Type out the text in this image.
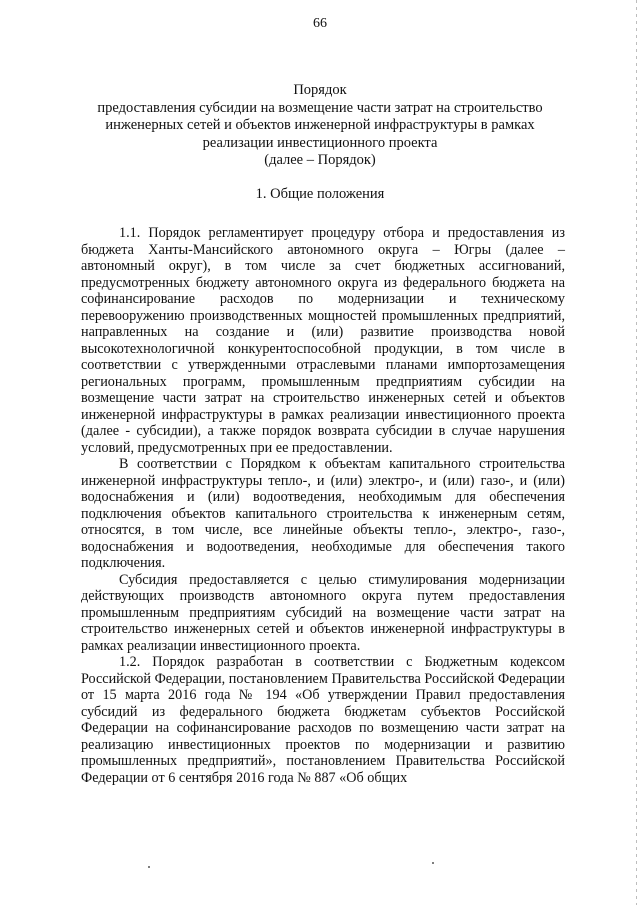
66
Порядок
предоставления субсидии на возмещение части затрат на строительство
инженерных сетей и объектов инженерной инфраструктуры в рамках
реализации инвестиционного проекта
(далее – Порядок)
1. Общие положения

1.1. Порядок регламентирует процедуру отбора и предоставления из бюджета Ханты-Мансийского автономного округа – Югры (далее – автономный округ), в том числе за счет бюджетных ассигнований, предусмотренных бюджету автономного округа из федерального бюджета на софинансирование расходов по модернизации и техническому перевооружению производственных мощностей промышленных предприятий, направленных на создание и (или) развитие производства новой высокотехнологичной конкурентоспособной продукции, в том числе в соответствии с утвержденными отраслевыми планами импортозамещения региональных программ, промышленным предприятиям субсидии на возмещение части затрат на строительство инженерных сетей и объектов инженерной инфраструктуры в рамках реализации инвестиционного проекта (далее - субсидии), а также порядок возврата субсидии в случае нарушения условий, предусмотренных при ее предоставлении.

В соответствии с Порядком к объектам капитального строительства инженерной инфраструктуры тепло-, и (или) электро-, и (или) газо-, и (или) водоснабжения и (или) водоотведения, необходимым для обеспечения подключения объектов капитального строительства к инженерным сетям, относятся, в том числе, все линейные объекты тепло-, электро-, газо-, водоснабжения и водоотведения, необходимые для обеспечения такого подключения.

Субсидия предоставляется с целью стимулирования модернизации действующих производств автономного округа путем предоставления промышленным предприятиям субсидий на возмещение части затрат на строительство инженерных сетей и объектов инженерной инфраструктуры в рамках реализации инвестиционного проекта.

1.2. Порядок разработан в соответствии с Бюджетным кодексом Российской Федерации, постановлением Правительства Российской Федерации от 15 марта 2016 года № 194 «Об утверждении Правил предоставления субсидий из федерального бюджета бюджетам субъектов Российской Федерации на софинансирование расходов по возмещению части затрат на реализацию инвестиционных проектов по модернизации и развитию промышленных предприятий», постановлением Правительства Российской Федерации от 6 сентября 2016 года № 887 «Об общих
